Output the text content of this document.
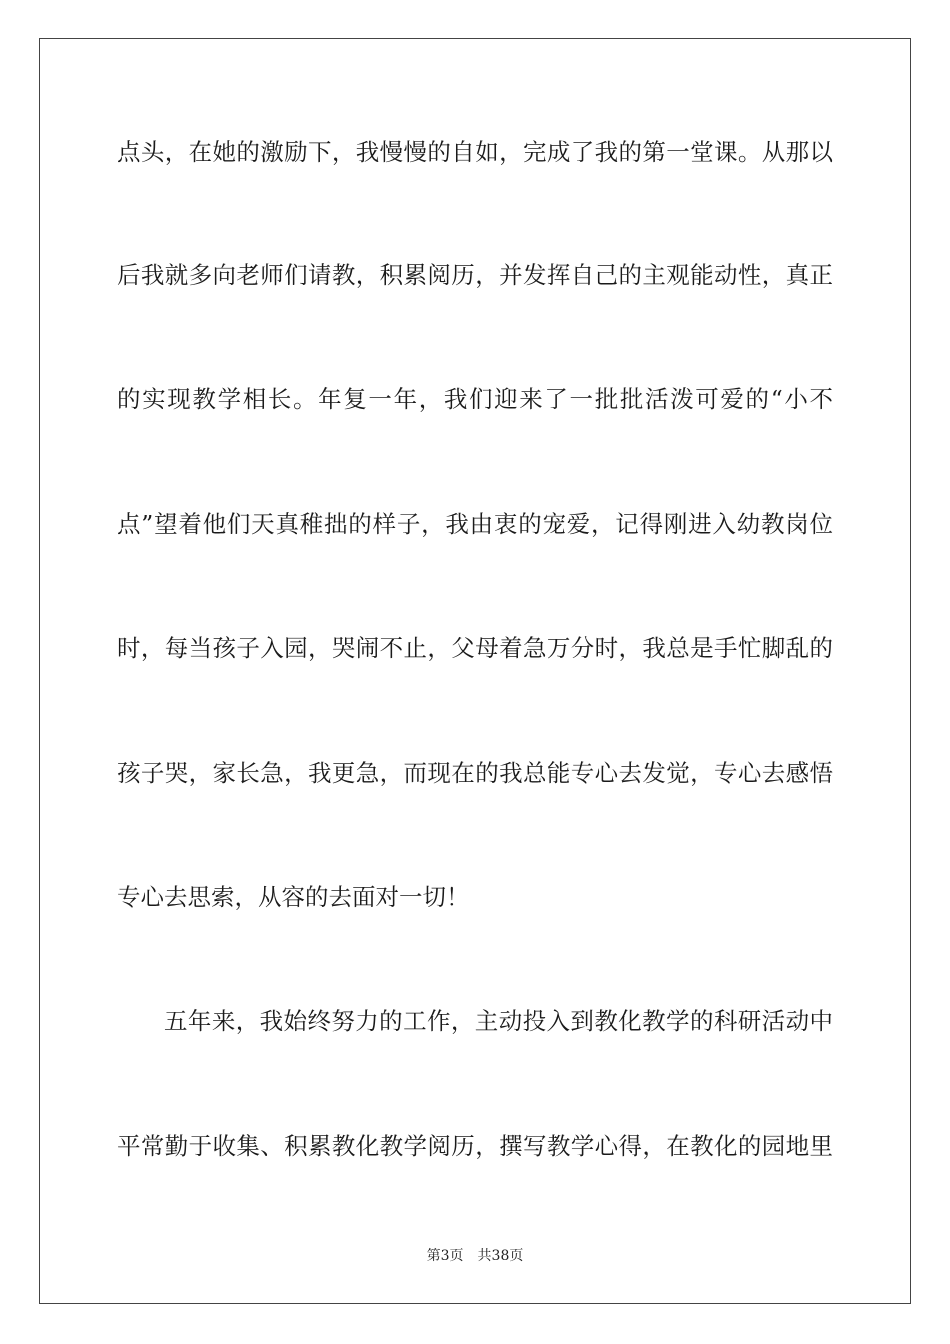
点头，在她的激励下，我慢慢的自如，完成了我的第一堂课。从那以
后我就多向老师们请教，积累阅历，并发挥自己的主观能动性，真正
的实现教学相长。年复一年，我们迎来了一批批活泼可爱的“小不
点”望着他们天真稚拙的样子，我由衷的宠爱，记得刚进入幼教岗位
时，每当孩子入园，哭闹不止，父母着急万分时，我总是手忙脚乱的
孩子哭，家长急，我更急，而现在的我总能专心去发觉，专心去感悟
专心去思索，从容的去面对一切！
五年来，我始终努力的工作，主动投入到教化教学的科研活动中
平常勤于收集、积累教化教学阅历，撰写教学心得，在教化的园地里
第3页 共38页
